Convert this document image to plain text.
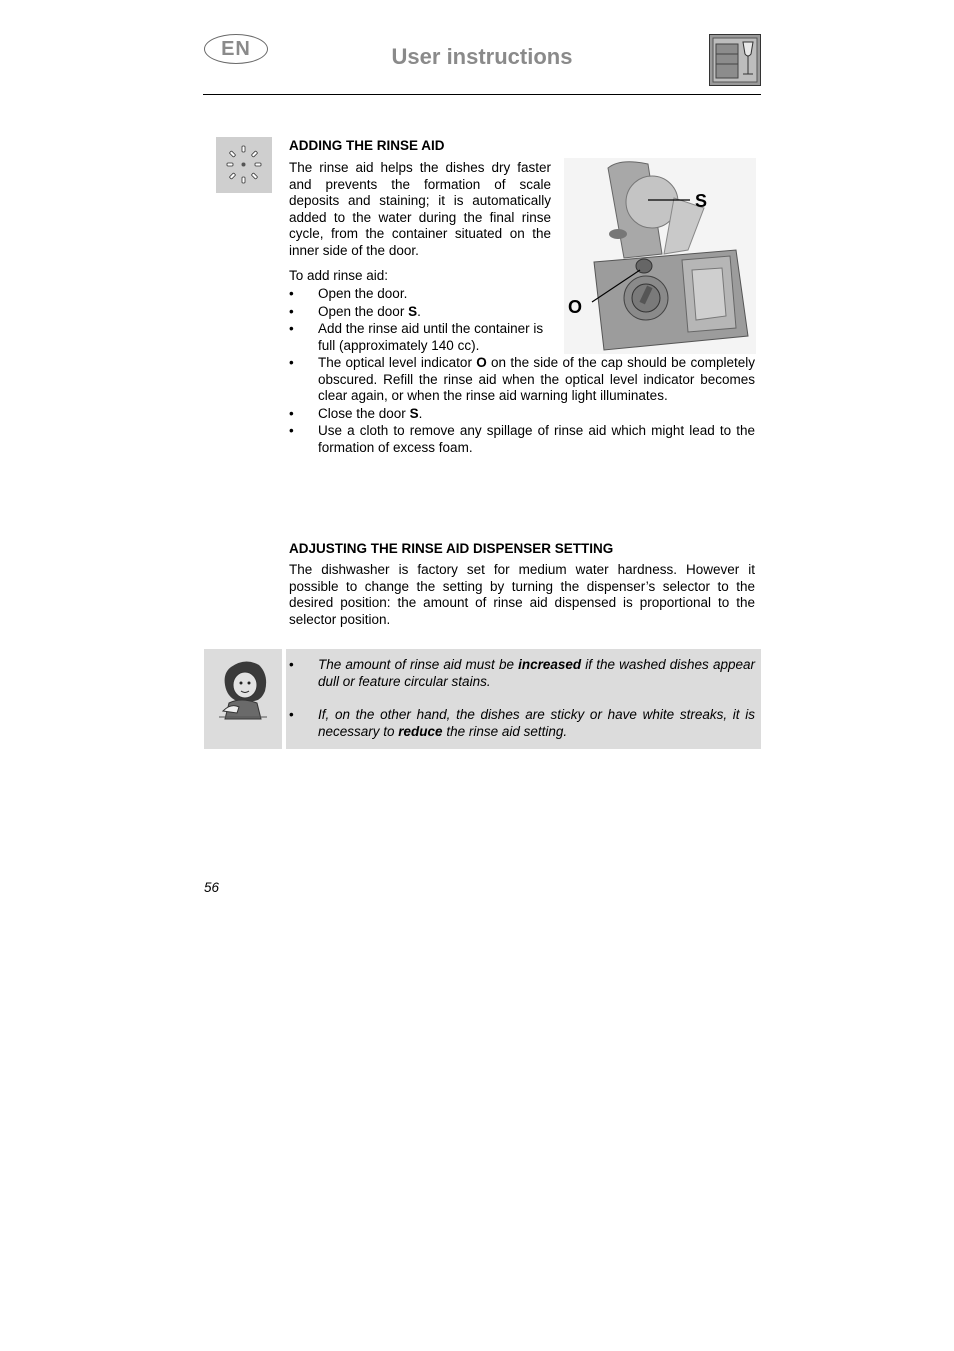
EN	User instructions
ADDING THE RINSE AID
The rinse aid helps the dishes dry faster and prevents the formation of scale deposits and staining; it is automatically added to the water during the final rinse cycle, from the container situated on the inner side of the door.
S
O
To add rinse aid:
•	Open the door.
•	Open the door S.
•	Add the rinse aid until the container is full (approximately 140 cc).
•	The optical level indicator O on the side of the cap should be completely obscured. Refill the rinse aid when the optical level indicator becomes clear again, or when the rinse aid warning light illuminates.
•	Close the door S.
•	Use a cloth to remove any spillage of rinse aid which might lead to the formation of excess foam.
ADJUSTING THE RINSE AID DISPENSER SETTING
The dishwasher is factory set for medium water hardness. However it possible to change the setting by turning the dispenser’s selector to the desired position: the amount of rinse aid dispensed is proportional to the selector position.
•	The amount of rinse aid must be increased if the washed dishes appear dull or feature circular stains.
•	If, on the other hand, the dishes are sticky or have white streaks, it is necessary to reduce the rinse aid setting.
56
